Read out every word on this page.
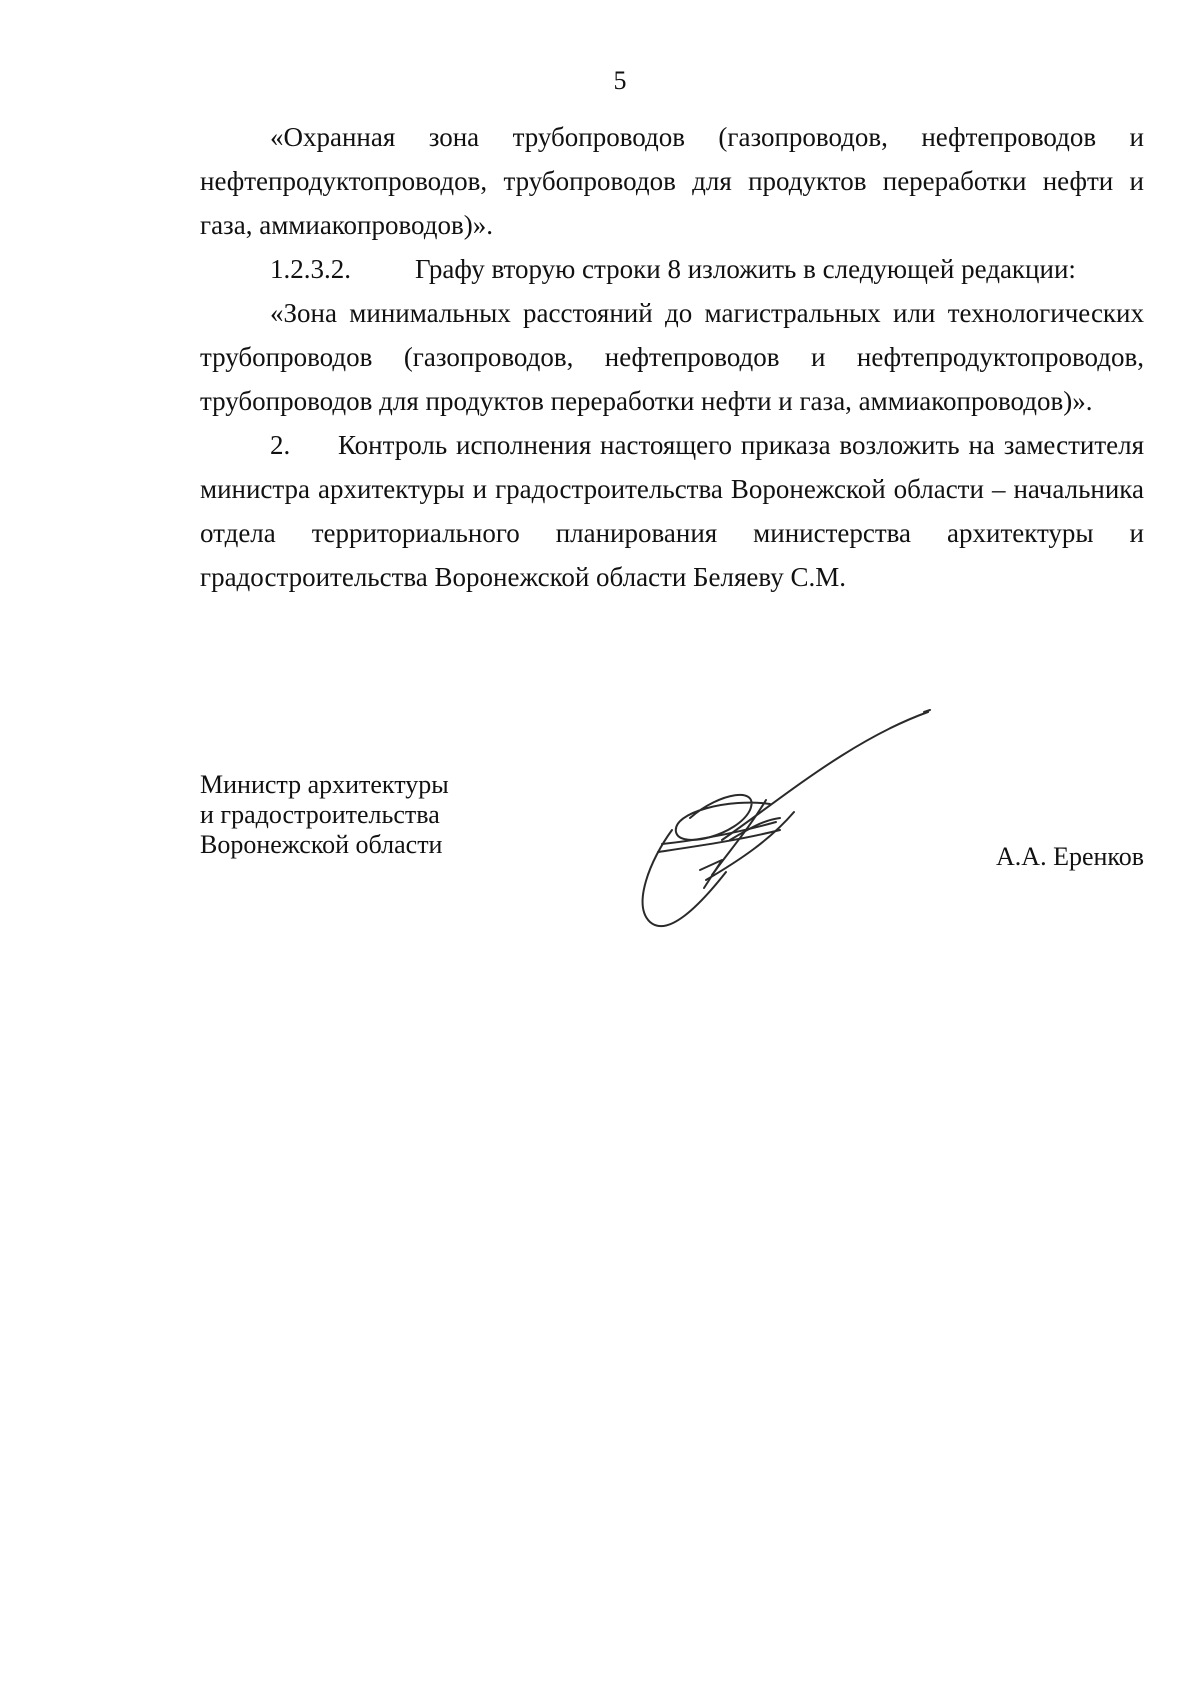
5

«Охранная зона трубопроводов (газопроводов, нефтепроводов и нефтепродуктопроводов, трубопроводов для продуктов переработки нефти и газа, аммиакопроводов)».

1.2.3.2. Графу вторую строки 8 изложить в следующей редакции:

«Зона минимальных расстояний до магистральных или технологических трубопроводов (газопроводов, нефтепроводов и нефтепродуктопроводов, трубопроводов для продуктов переработки нефти и газа, аммиакопроводов)».

2. Контроль исполнения настоящего приказа возложить на заместителя министра архитектуры и градостроительства Воронежской области – начальника отдела территориального планирования министерства архитектуры и градостроительства Воронежской области Беляеву С.М.

Министр архитектуры
и градостроительства
Воронежской области	А.А. Еренков
